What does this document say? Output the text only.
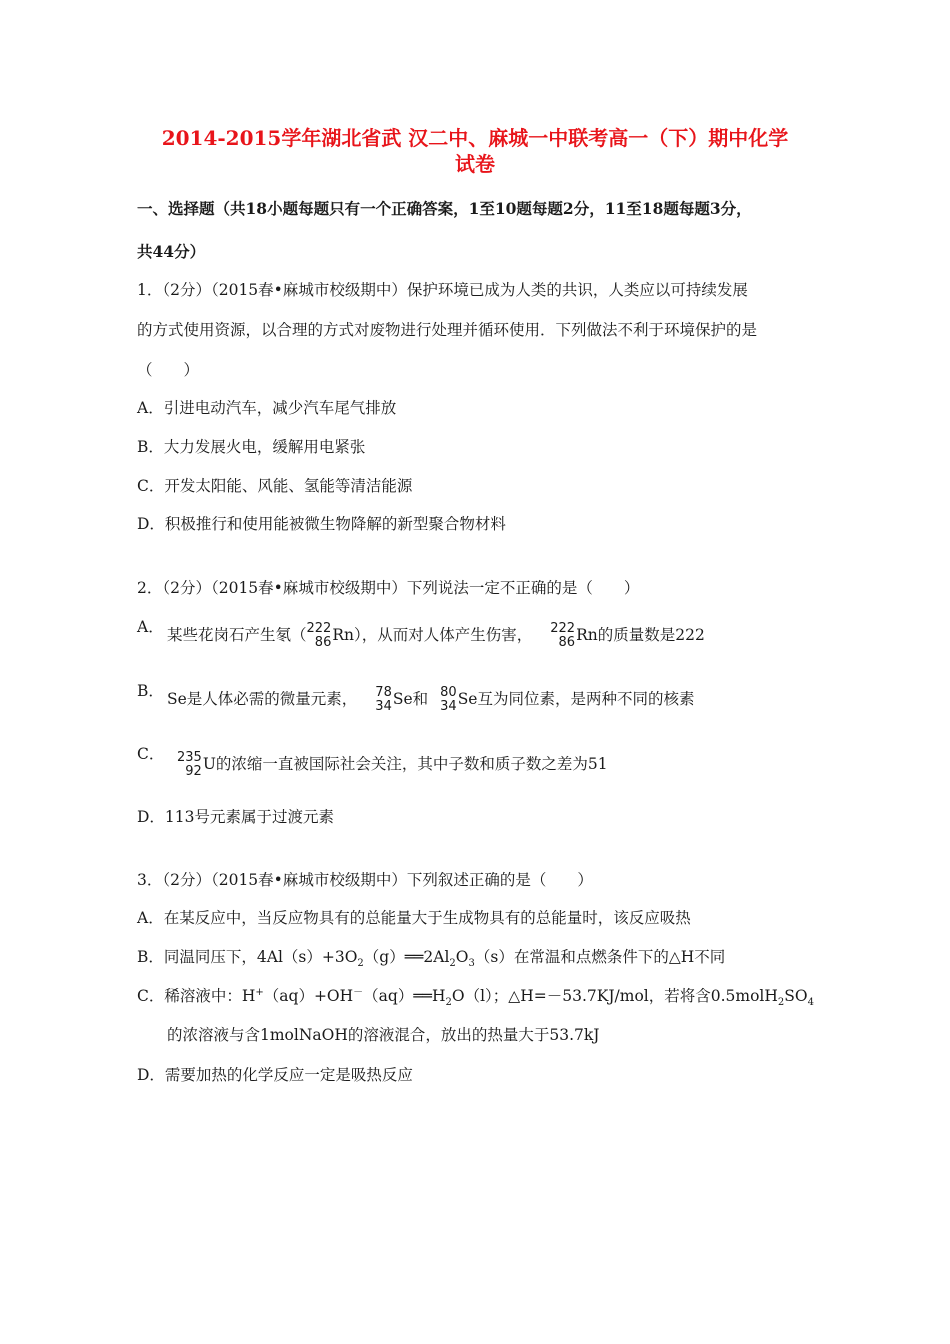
2014-2015学年湖北省武 汉二中、麻城一中联考高一（下）期中化学
试卷
一、选择题（共18小题每题只有一个正确答案，1至10题每题2分，11至18题每题3分，
共44分）
1．（2分）（2015春•麻城市校级期中）保护环境已成为人类的共识，人类应以可持续发展
的方式使用资源，以合理的方式对废物进行处理并循环使用．下列做法不利于环境保护的是
（　　）
A．引进电动汽车，减少汽车尾气排放
B．大力发展火电，缓解用电紧张
C．开发太阳能、风能、氢能等清洁能源
D．积极推行和使用能被微生物降解的新型聚合物材料
2．（2分）（2015春•麻城市校级期中）下列说法一定不正确的是（　　）
A． 某些花岗石产生氡（ 222
86 Rn），从而对人体产生伤害， 222
86 Rn的质量数是222
B． Se是人体必需的微量元素， 78
34 Se和 80
34 Se互为同位素，是两种不同的核素
C． 235
92 U的浓缩一直被国际社会关注，其中子数和质子数之差为51
D．113号元素属于过渡元素
3．（2分）（2015春•麻城市校级期中）下列叙述正确的是（　　）
A．在某反应中，当反应物具有的总能量大于生成物具有的总能量时，该反应吸热
B．同温同压下，$4Al(s)+3O_2(g)══2Al_2O_3(s)$在常温和点燃条件下的△H不同
C．稀溶液中：$H^+(aq)+OH^-(aq)══H_2O(l)$；△H=－53.7KJ/mol，若将含$0.5molH_2SO_4$
的浓溶液与含1molNaOH的溶液混合，放出的热量大于53.7kJ
D．需要加热的化学反应一定是吸热反应
